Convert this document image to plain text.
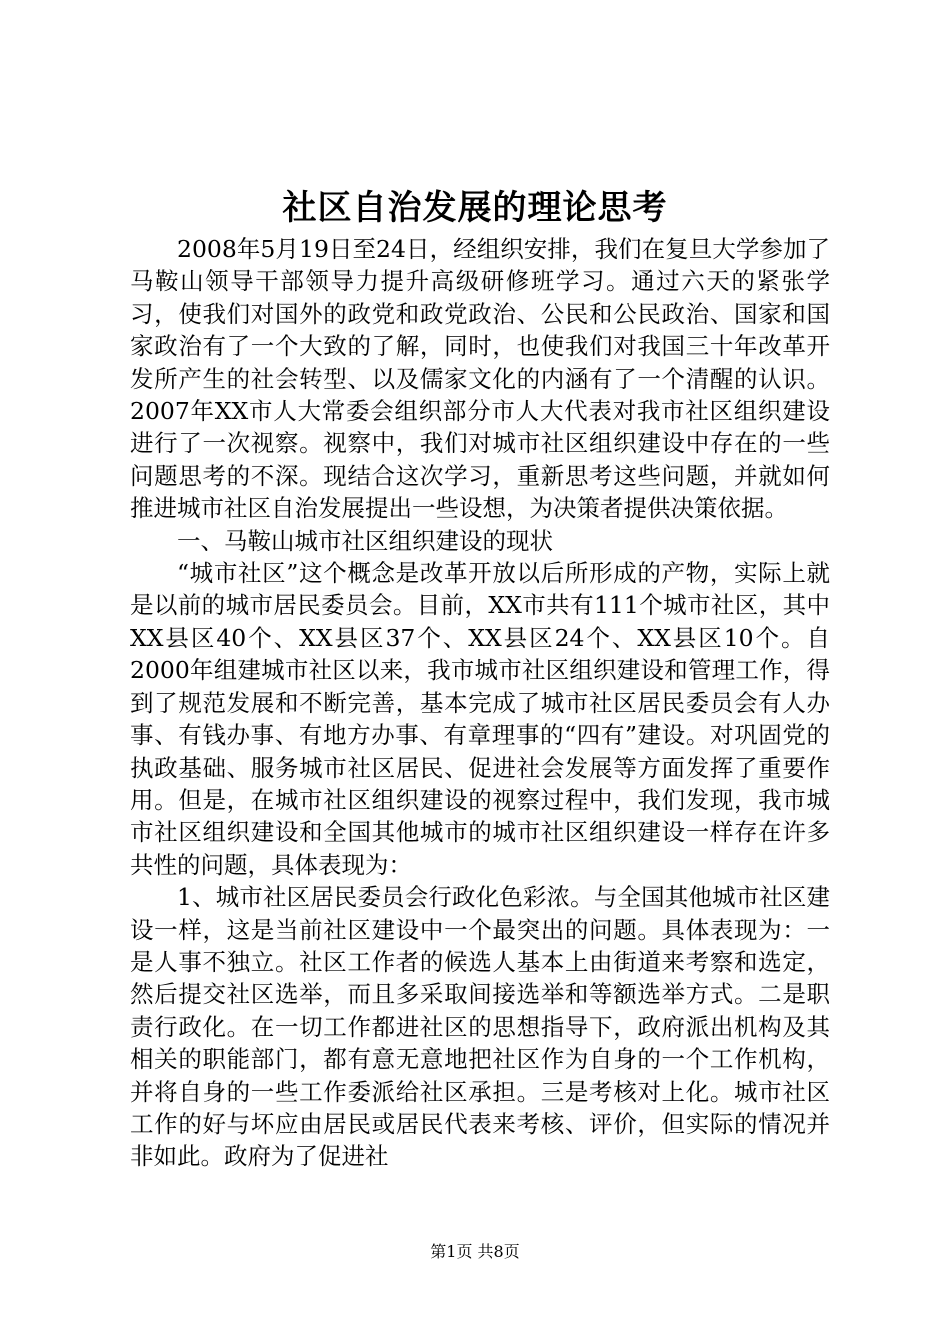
社区自治发展的理论思考

2008年5月19日至24日，经组织安排，我们在复旦大学参加了马鞍山领导干部领导力提升高级研修班学习。通过六天的紧张学习，使我们对国外的政党和政党政治、公民和公民政治、国家和国家政治有了一个大致的了解，同时，也使我们对我国三十年改革开发所产生的社会转型、以及儒家文化的内涵有了一个清醒的认识。2007年XX市人大常委会组织部分市人大代表对我市社区组织建设进行了一次视察。视察中，我们对城市社区组织建设中存在的一些问题思考的不深。现结合这次学习，重新思考这些问题，并就如何推进城市社区自治发展提出一些设想，为决策者提供决策依据。

一、马鞍山城市社区组织建设的现状

“城市社区”这个概念是改革开放以后所形成的产物，实际上就是以前的城市居民委员会。目前，XX市共有111个城市社区，其中XX县区40个、XX县区37个、XX县区24个、XX县区10个。自2000年组建城市社区以来，我市城市社区组织建设和管理工作，得到了规范发展和不断完善，基本完成了城市社区居民委员会有人办事、有钱办事、有地方办事、有章理事的“四有”建设。对巩固党的执政基础、服务城市社区居民、促进社会发展等方面发挥了重要作用。但是，在城市社区组织建设的视察过程中，我们发现，我市城市社区组织建设和全国其他城市的城市社区组织建设一样存在许多共性的问题，具体表现为：

1、城市社区居民委员会行政化色彩浓。与全国其他城市社区建设一样，这是当前社区建设中一个最突出的问题。具体表现为：一是人事不独立。社区工作者的候选人基本上由街道来考察和选定，然后提交社区选举，而且多采取间接选举和等额选举方式。二是职责行政化。在一切工作都进社区的思想指导下，政府派出机构及其相关的职能部门，都有意无意地把社区作为自身的一个工作机构，并将自身的一些工作委派给社区承担。三是考核对上化。城市社区工作的好与坏应由居民或居民代表来考核、评价，但实际的情况并非如此。政府为了促进社

第1页 共8页
